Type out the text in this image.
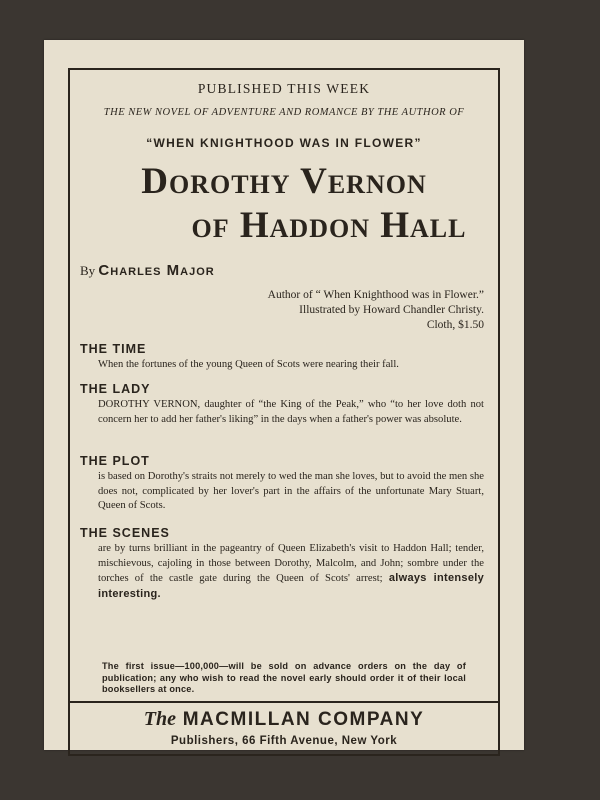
PUBLISHED THIS WEEK
THE NEW NOVEL OF ADVENTURE AND ROMANCE BY THE AUTHOR OF
“WHEN KNIGHTHOOD WAS IN FLOWER”
Dorothy Vernon
of Haddon Hall
By Charles Major
Author of “ When Knighthood was in Flower.”
Illustrated by Howard Chandler Christy.
Cloth, $1.50
THE TIME

When the fortunes of the young Queen of Scots were nearing their fall.

THE LADY

DOROTHY VERNON, daughter of “the King of the Peak,” who “to her love doth not concern her to add her father's liking” in the days when a father's power was absolute.

THE PLOT

is based on Dorothy's straits not merely to wed the man she loves, but to avoid the men she does not, complicated by her lover's part in the affairs of the unfortunate Mary Stuart, Queen of Scots.

THE SCENES

are by turns brilliant in the pageantry of Queen Elizabeth's visit to Haddon Hall; tender, mischievous, cajoling in those between Dorothy, Malcolm, and John; sombre under the torches of the castle gate during the Queen of Scots' arrest; always intensely interesting.

The first issue—100,000—will be sold on advance orders on the day of publication; any who wish to read the novel early should order it of their local booksellers at once.
The MACMILLAN COMPANY
Publishers, 66 Fifth Avenue, New York
